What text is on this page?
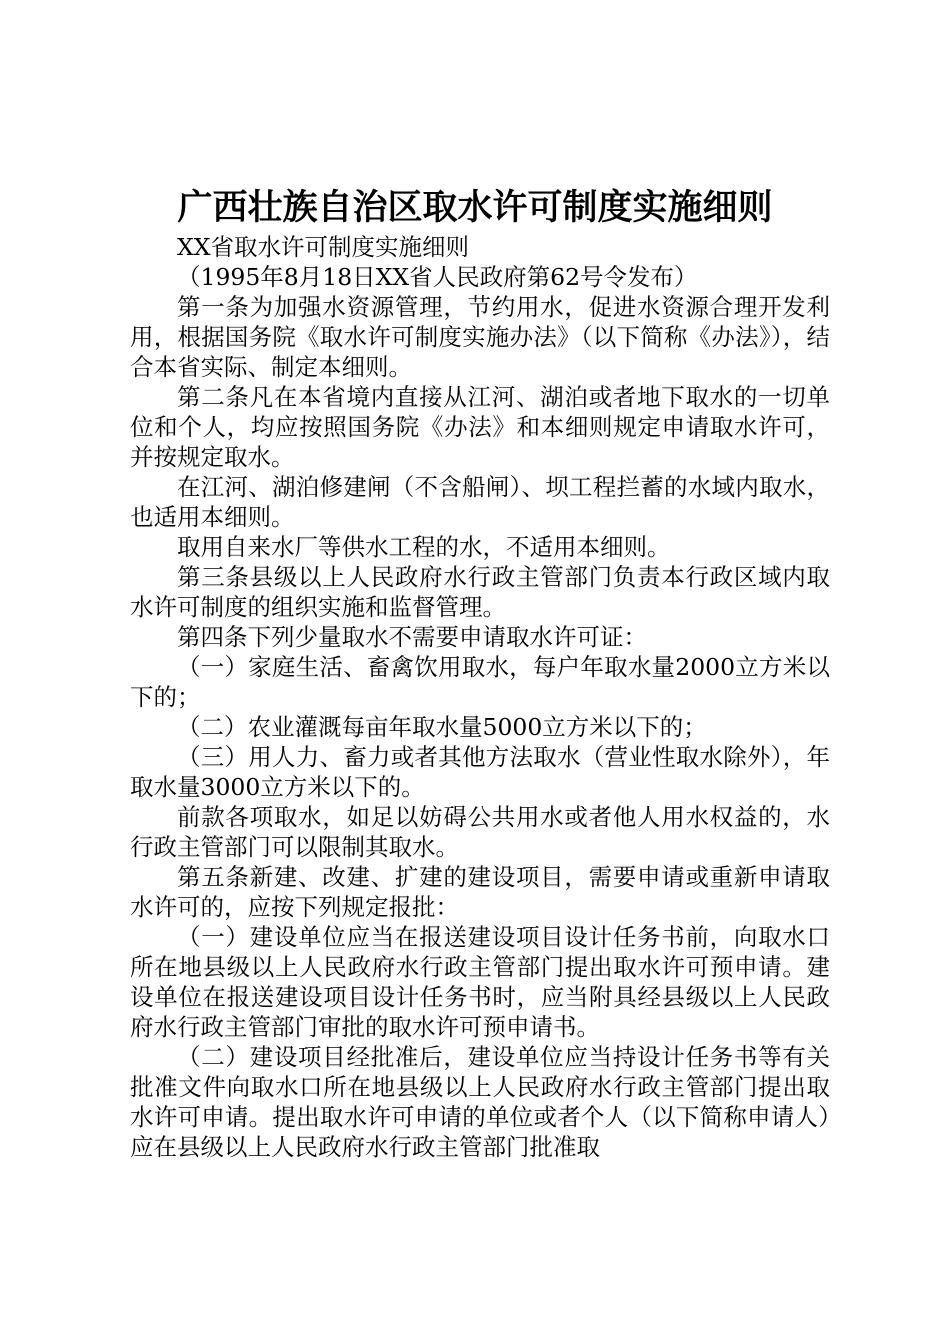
广西壮族自治区取水许可制度实施细则

XX省取水许可制度实施细则

（1995年8月18日XX省人民政府第62号令发布）

第一条为加强水资源管理，节约用水，促进水资源合理开发利用，根据国务院《取水许可制度实施办法》（以下简称《办法》），结合本省实际、制定本细则。

第二条凡在本省境内直接从江河、湖泊或者地下取水的一切单位和个人，均应按照国务院《办法》和本细则规定申请取水许可，并按规定取水。

在江河、湖泊修建闸（不含船闸）、坝工程拦蓄的水域内取水，也适用本细则。

取用自来水厂等供水工程的水，不适用本细则。

第三条县级以上人民政府水行政主管部门负责本行政区域内取水许可制度的组织实施和监督管理。

第四条下列少量取水不需要申请取水许可证：

（一）家庭生活、畜禽饮用取水，每户年取水量2000立方米以下的；

（二）农业灌溉每亩年取水量5000立方米以下的；

（三）用人力、畜力或者其他方法取水（营业性取水除外），年取水量3000立方米以下的。

前款各项取水，如足以妨碍公共用水或者他人用水权益的，水行政主管部门可以限制其取水。

第五条新建、改建、扩建的建设项目，需要申请或重新申请取水许可的，应按下列规定报批：

（一）建设单位应当在报送建设项目设计任务书前，向取水口所在地县级以上人民政府水行政主管部门提出取水许可预申请。建设单位在报送建设项目设计任务书时，应当附具经县级以上人民政府水行政主管部门审批的取水许可预申请书。

（二）建设项目经批准后，建设单位应当持设计任务书等有关批准文件向取水口所在地县级以上人民政府水行政主管部门提出取水许可申请。提出取水许可申请的单位或者个人（以下简称申请人）应在县级以上人民政府水行政主管部门批准取
